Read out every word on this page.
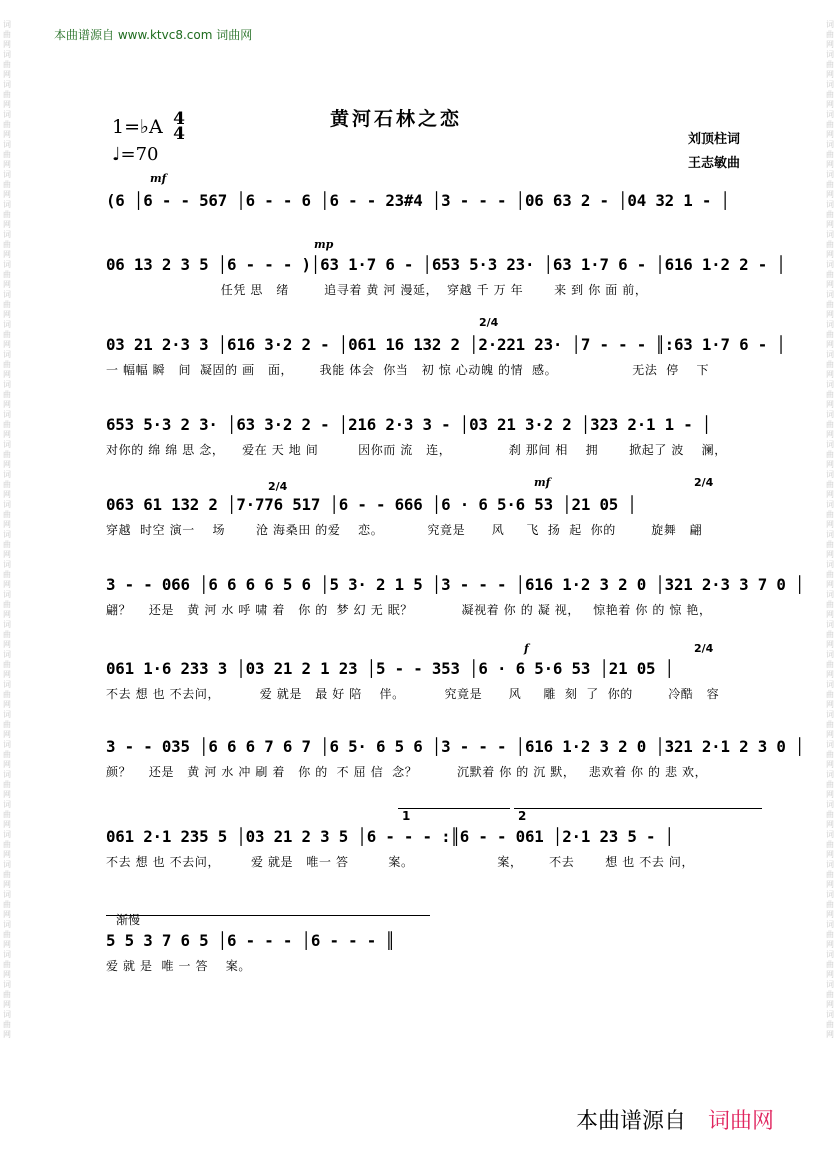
词曲网词曲网词曲网词曲网词曲网词曲网词曲网词曲网词曲网词曲网词曲网词曲网词曲网词曲网词曲网词曲网词曲网词曲网词曲网词曲网词曲网词曲网词曲网词曲网词曲网词曲网词曲网词曲网词曲网词曲网词曲网词曲网词曲网词曲网
词曲网词曲网词曲网词曲网词曲网词曲网词曲网词曲网词曲网词曲网词曲网词曲网词曲网词曲网词曲网词曲网词曲网词曲网词曲网词曲网词曲网词曲网词曲网词曲网词曲网词曲网词曲网词曲网词曲网词曲网词曲网词曲网词曲网词曲网
本曲谱源自 www.ktvc8.com 词曲网
1=♭A 4
4
♩=70
黄河石林之恋
刘顶柱词
王志敏曲
mf
mp
2/4
2/4	mf	2/4
f	2/4
1	2
渐慢
(6 │6 - - 567 │6 - - 6 │6 - - 23#4 │3 - - - │06 63 2 - │04 32 1 - │
06 13 2 3 5 │6 - - - )│63 1·7 6 - │653 5·3 23· │63 1·7 6 - │616 1·2 2 - │
任凭 思   绪        追寻着 黄 河 漫延，  穿越 千 万 年       来 到 你 面 前，
03 21 2·3 3 │616 3·2 2 - │061 16 132 2 │2·221 23· │7 - - - ║:63 1·7 6 - │
一 幅幅 瞬   间  凝固的 画   面，      我能 体会  你当   初 惊 心动魄 的情  感。                 无法  停    下
653 5·3 2 3· │63 3·2 2 - │216 2·3 3 - │03 21 3·2 2 │323 2·1 1 - │
对你的 绵 绵 思 念，    爱在 天 地 间         因你而 流   连，             刹 那间 相    拥       掀起了 波    澜，
063 61 132 2 │7·776 517 │6 - - 666 │6 · 6 5·6 53 │21 05 │
穿越  时空 演一    场       沧 海桑田 的爱    恋。          究竟是      风     飞  扬  起  你的        旋舞   翩
3 - - 066 │6 6 6 6 5 6 │5 3· 2 1 5 │3 - - - │616 1·2 3 2 0 │321 2·3 3 7 0 │
翩？    还是   黄 河 水 呼 啸 着   你 的  梦 幻 无 眠？           凝视着 你 的 凝 视，   惊艳着 你 的 惊 艳，
061 1·6 233 3 │03 21 2 1 23 │5 - - 353 │6 · 6 5·6 53 │21 05 │
不去 想 也 不去问，         爱 就是   最 好 陪    伴。         究竟是      风     雕  刻  了  你的        冷酷   容
3 - - 035 │6 6 6 7 6 7 │6 5· 6 5 6 │3 - - - │616 1·2 3 2 0 │321 2·1 2 3 0 │
颜？    还是   黄 河 水 冲 刷 着   你 的  不 屈 信  念？         沉默着 你 的 沉 默，   悲欢着 你 的 悲 欢，
061 2·1 235 5 │03 21 2 3 5 │6 - - - :║6 - - 061 │2·1 23 5 - │
不去 想 也 不去问，       爱 就是   唯一 答         案。                   案，      不去       想 也 不去 问，
5 5 3 7 6 5 │6 - - - │6 - - - ║
爱 就 是  唯 一 答    案。
本曲谱源自 词曲网
